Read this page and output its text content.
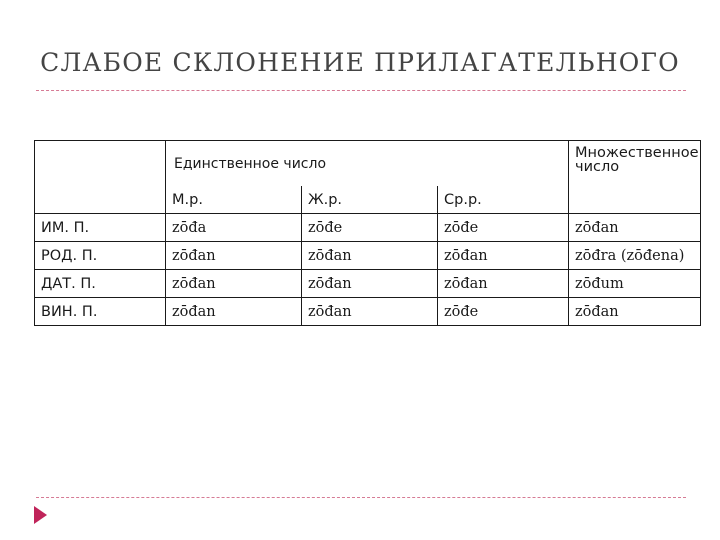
СЛАБОЕ СКЛОНЕНИЕ ПРИЛАГАТЕЛЬНОГО
	Единственное число			Множественное число
	М.р.	Ж.р.	Ср.р.	
ИМ. П.	zōđa	zōđe	zōđe	zōđan
РОД. П.	zōđan	zōđan	zōđan	zōđra (zōđena)
ДАТ. П.	zōđan	zōđan	zōđan	zōđum
ВИН. П.	zōđan	zōđan	zōđe	zōđan
